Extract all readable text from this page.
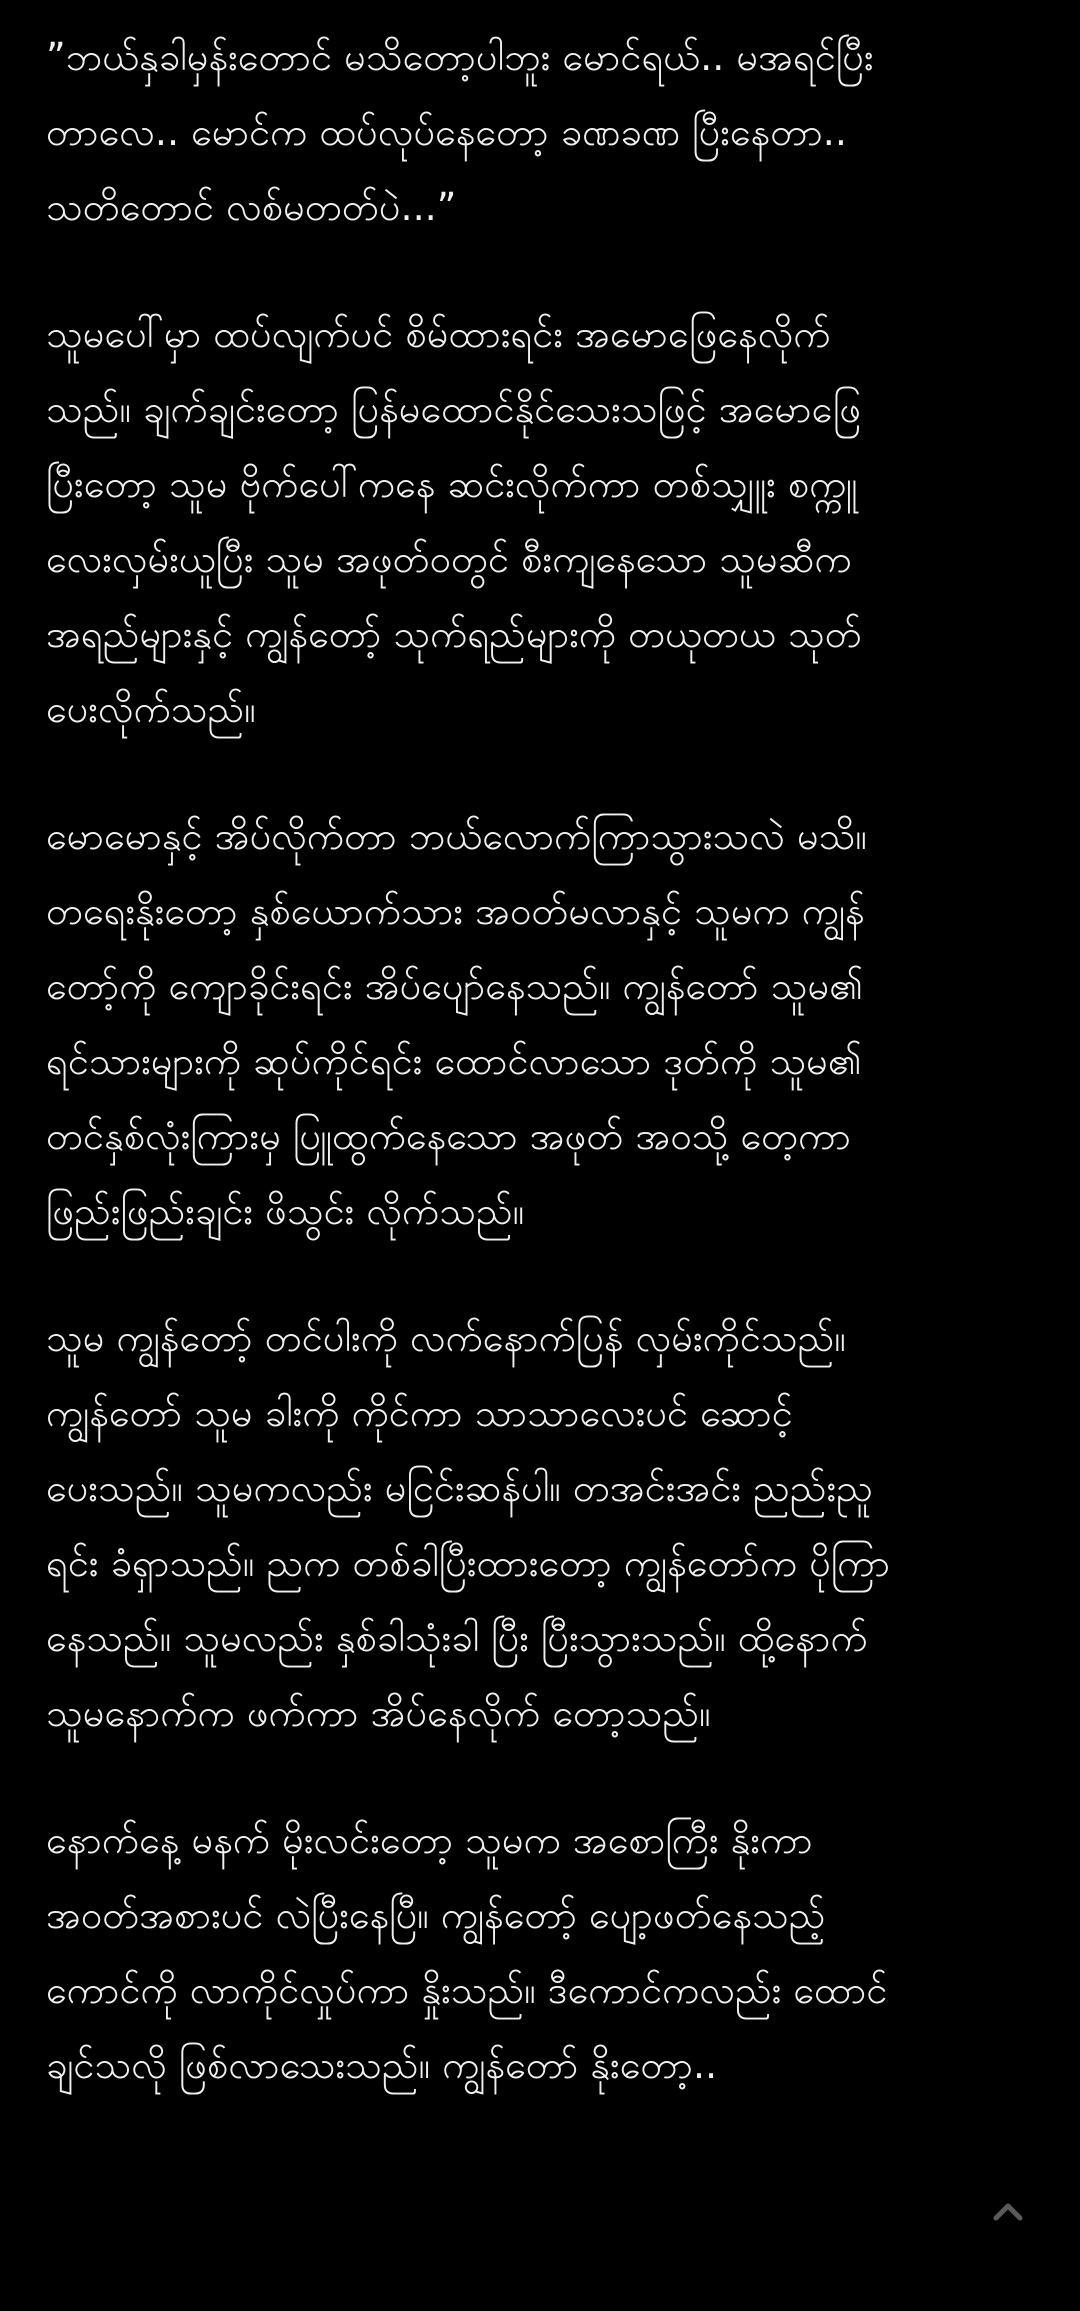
”ဘယ်နှခါမှန်းတောင် မသိတော့ပါဘူး မောင်ရယ်.. မအရင်ပြီး
တာလေ.. မောင်က ထပ်လုပ်နေတော့ ခဏခဏ ပြီးနေတာ..
သတိတောင် လစ်မတတ်ပဲ...”
သူမပေါ်မှာ ထပ်လျက်ပင် စိမ်ထားရင်း အမောဖြေနေလိုက်
သည်။ ချက်ချင်းတော့ ပြန်မထောင်နိုင်သေးသဖြင့် အမောဖြေ
ပြီးတော့ သူမ ဗိုက်ပေါ်ကနေ ဆင်းလိုက်ကာ တစ်သျှူး စက္ကူ
လေးလှမ်းယူပြီး သူမ အဖုတ်ဝတွင် စီးကျနေသော သူမဆီက
အရည်များနှင့် ကျွန်တော့် သုက်ရည်များကို တယုတယ သုတ်
ပေးလိုက်သည်။
မောမောနှင့် အိပ်လိုက်တာ ဘယ်လောက်ကြာသွားသလဲ မသိ။
တရေးနိုးတော့ နှစ်ယောက်သား အဝတ်မလာနှင့် သူမက ကျွန်
တော့်ကို ကျောခိုင်းရင်း အိပ်ပျော်နေသည်။ ကျွန်တော် သူမ၏
ရင်သားများကို ဆုပ်ကိုင်ရင်း ထောင်လာသော ဒုတ်ကို သူမ၏
တင်နှစ်လုံးကြားမှ ပြူထွက်နေသော အဖုတ် အဝသို့ တေ့ကာ
ဖြည်းဖြည်းချင်း ဖိသွင်း လိုက်သည်။
သူမ ကျွန်တော့် တင်ပါးကို လက်နောက်ပြန် လှမ်းကိုင်သည်။
ကျွန်တော် သူမ ခါးကို ကိုင်ကာ သာသာလေးပင် ဆောင့်
ပေးသည်။ သူမကလည်း မငြင်းဆန်ပါ။ တအင်းအင်း ညည်းညူ
ရင်း ခံရှာသည်။ ညက တစ်ခါပြီးထားတော့ ကျွန်တော်က ပိုကြာ
နေသည်။ သူမလည်း နှစ်ခါသုံးခါ ပြီး ပြီးသွားသည်။ ထို့နောက်
သူမနောက်က ဖက်ကာ အိပ်နေလိုက် တော့သည်။
နောက်နေ့ မနက် မိုးလင်းတော့ သူမက အစောကြီး နိုးကာ
အဝတ်အစားပင် လဲပြီးနေပြီ။ ကျွန်တော့် ပျော့ဖတ်နေသည့်
ကောင်ကို လာကိုင်လှုပ်ကာ နှိုးသည်။ ဒီကောင်ကလည်း ထောင်
ချင်သလို ဖြစ်လာသေးသည်။ ကျွန်တော် နိုးတော့..
